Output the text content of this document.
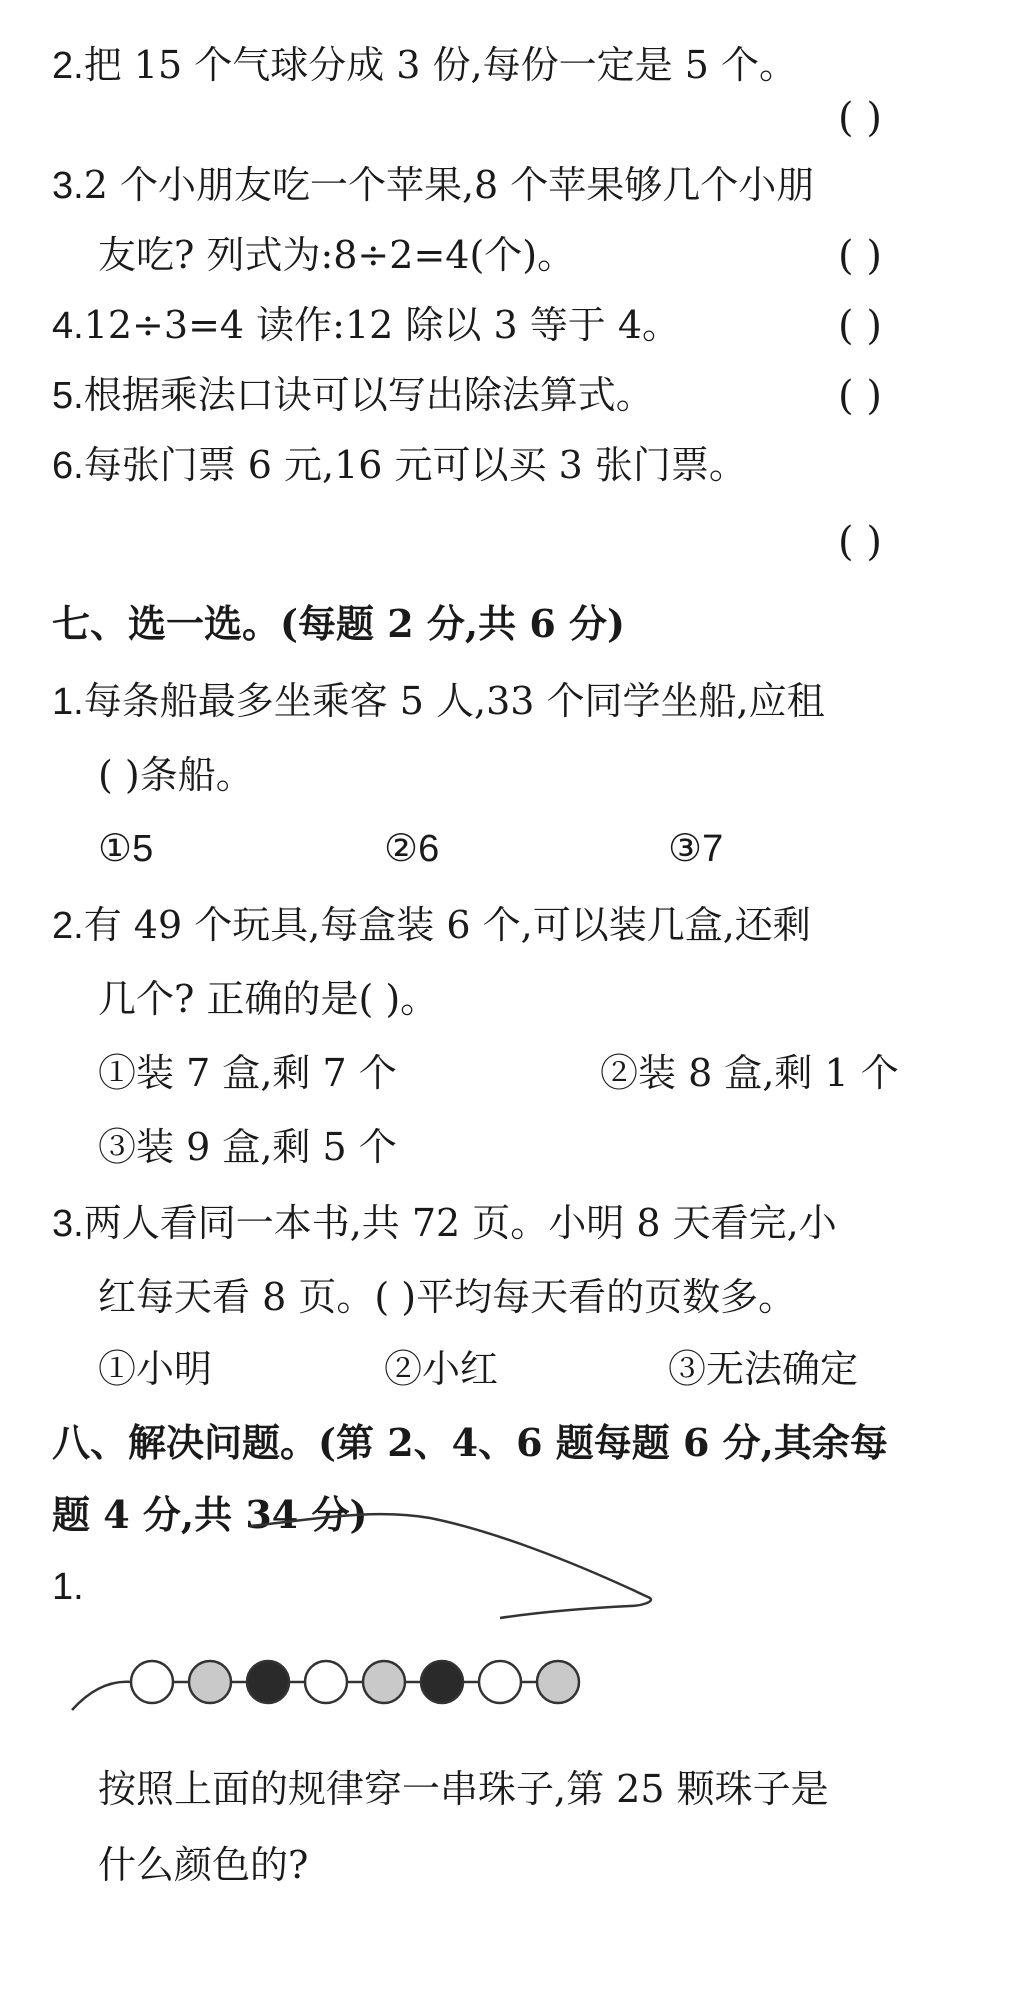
2.把 15 个气球分成 3 份,每份一定是 5 个。
( )
3.2 个小朋友吃一个苹果,8 个苹果够几个小朋
友吃? 列式为:8÷2=4(个)。	( )
4.12÷3=4 读作:12 除以 3 等于 4。	( )
5.根据乘法口诀可以写出除法算式。	( )
6.每张门票 6 元,16 元可以买 3 张门票。
( )
七、选一选。(每题 2 分,共 6 分)
1.每条船最多坐乘客 5 人,33 个同学坐船,应租
( )条船。
①5	②6	③7
2.有 49 个玩具,每盒装 6 个,可以装几盒,还剩
几个? 正确的是( )。
①装 7 盒,剩 7 个	②装 8 盒,剩 1 个
③装 9 盒,剩 5 个
3.两人看同一本书,共 72 页。小明 8 天看完,小
红每天看 8 页。( )平均每天看的页数多。
①小明	②小红	③无法确定
八、解决问题。(第 2、4、6 题每题 6 分,其余每
题 4 分,共 34 分)
1.
按照上面的规律穿一串珠子,第 25 颗珠子是
什么颜色的?
